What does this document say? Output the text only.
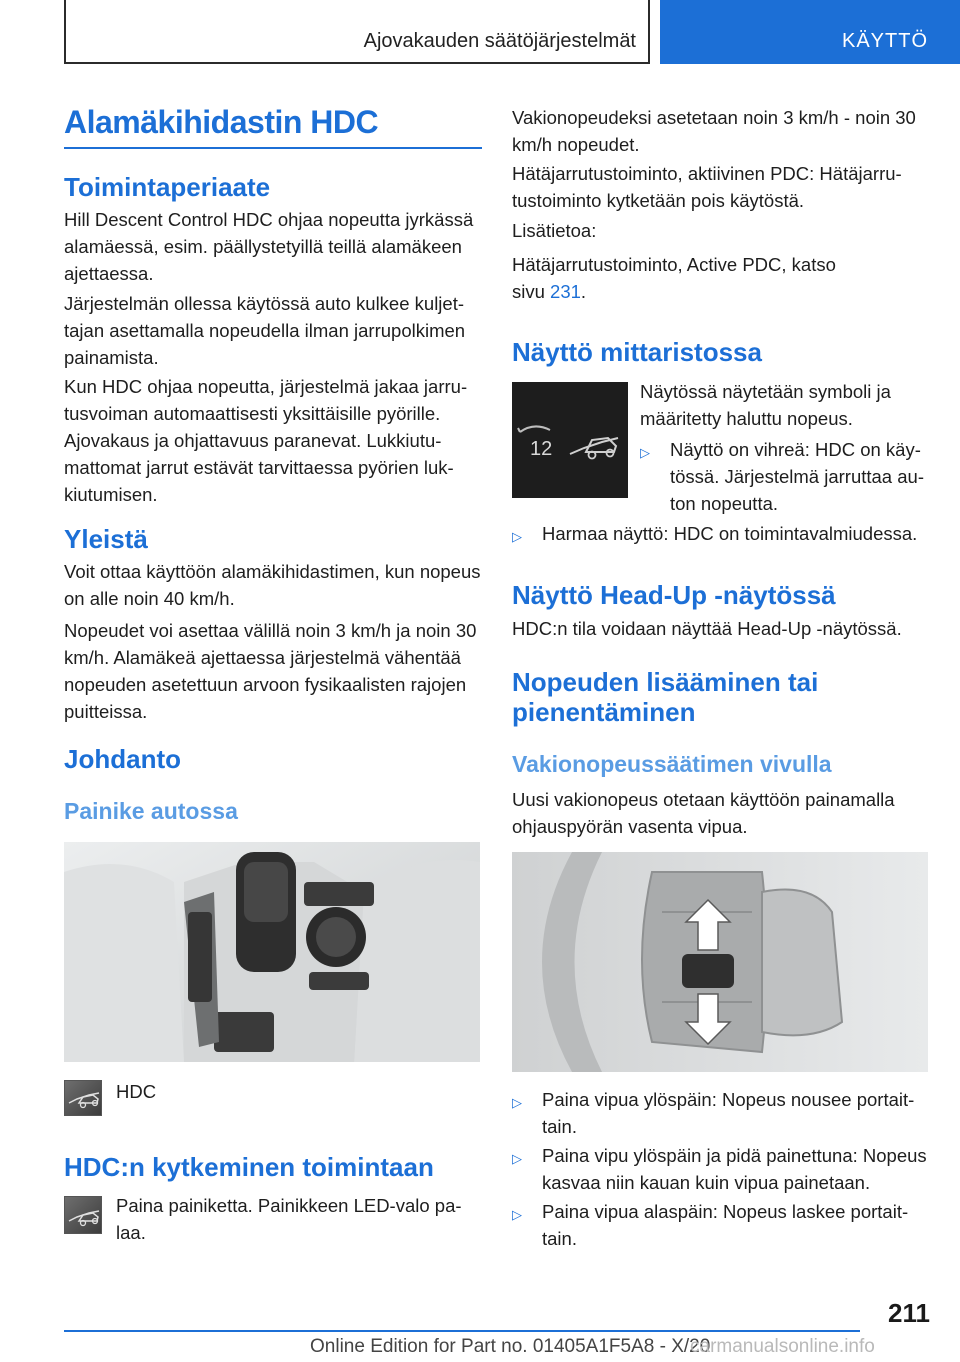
Ajovakauden säätöjärjestelmät	KÄYTTÖ
Alamäkihidastin HDC
Toimintaperiaate
Hill Descent Control HDC ohjaa nopeutta jyrkässä alamäessä, esim. päällystetyillä teillä alamäkeen ajettaessa.
Järjestelmän ollessa käytössä auto kulkee kuljettajan asettamalla nopeudella ilman jarrupolkimen painamista.
Kun HDC ohjaa nopeutta, järjestelmä jakaa jarrutusvoiman automaattisesti yksittäisille pyörille. Ajovakaus ja ohjattavuus paranevat. Lukkiutumattomat jarrut estävät tarvittaessa pyörien lukkiutumisen.
Yleistä
Voit ottaa käyttöön alamäkihidastimen, kun nopeus on alle noin 40 km/h.
Nopeudet voi asettaa välillä noin 3 km/h ja noin 30 km/h. Alamäkeä ajettaessa järjestelmä vähentää nopeuden asetettuun arvoon fysikaalisten rajojen puitteissa.
Johdanto
Painike autossa
HDC
HDC:n kytkeminen toimintaan
Paina painiketta. Painikkeen LED-valo palaa.
Vakionopeudeksi asetetaan noin 3 km/h - noin 30 km/h nopeudet.
Hätäjarrutustoiminto, aktiivinen PDC: Hätäjarrutustoiminto kytketään pois käytöstä.
Lisätietoa:
Hätäjarrutustoiminto, Active PDC, katso sivu 231.
Näyttö mittaristossa
12
Näytössä näytetään symboli ja määritetty haluttu nopeus.
▷ Näyttö on vihreä: HDC on käytössä. Järjestelmä jarruttaa auton nopeutta.
▷ Harmaa näyttö: HDC on toimintavalmiudessa.
Näyttö Head-Up -näytössä
HDC:n tila voidaan näyttää Head-Up -näytössä.
Nopeuden lisääminen tai
pienentäminen
Vakionopeussäätimen vivulla
Uusi vakionopeus otetaan käyttöön painamalla ohjauspyörän vasenta vipua.
▷ Paina vipua ylöspäin: Nopeus nousee portaittain.
▷ Paina vipu ylöspäin ja pidä painettuna: Nopeus kasvaa niin kauan kuin vipua painetaan.
▷ Paina vipua alaspäin: Nopeus laskee portaittain.
211
Online Edition for Part no. 01405A1F5A8 - X/20
carmanualsonline.info
